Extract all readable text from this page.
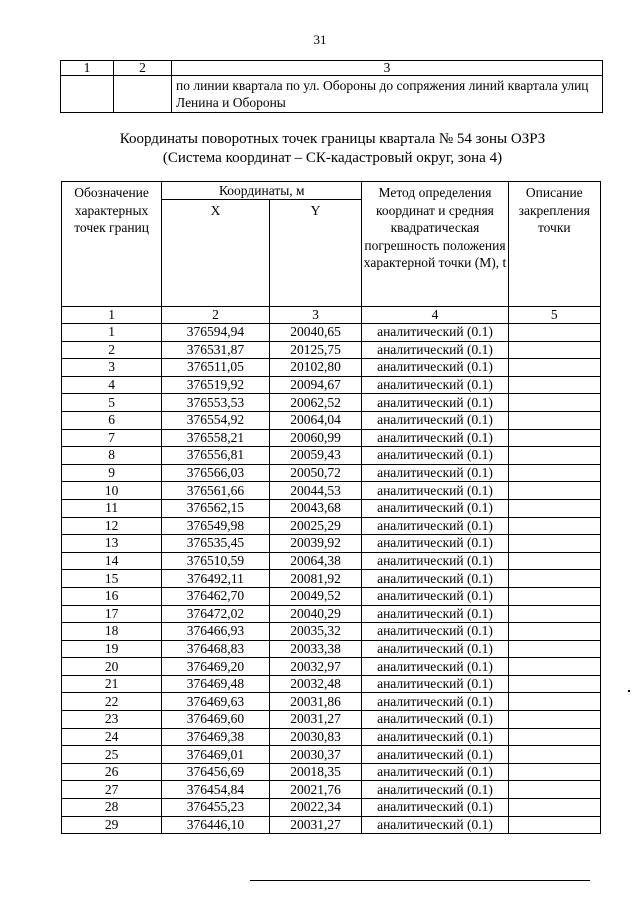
31
1	2	3
		по линии квартала по ул. Обороны до сопряжения линий квартала улиц Ленина и Обороны
Координаты поворотных точек границы квартала № 54 зоны ОЗРЗ
(Система координат – СК-кадастровый округ, зона 4)
Обозначение характерных точек границ	Координаты, м		Метод определения координат и средняя квадратическая погрешность положения характерной точки (М), t	Описание закрепления точки
	X	Y		
1	2	3	4	5
1	376594,94	20040,65	аналитический (0.1)	
2	376531,87	20125,75	аналитический (0.1)	
3	376511,05	20102,80	аналитический (0.1)	
4	376519,92	20094,67	аналитический (0.1)	
5	376553,53	20062,52	аналитический (0.1)	
6	376554,92	20064,04	аналитический (0.1)	
7	376558,21	20060,99	аналитический (0.1)	
8	376556,81	20059,43	аналитический (0.1)	
9	376566,03	20050,72	аналитический (0.1)	
10	376561,66	20044,53	аналитический (0.1)	
11	376562,15	20043,68	аналитический (0.1)	
12	376549,98	20025,29	аналитический (0.1)	
13	376535,45	20039,92	аналитический (0.1)	
14	376510,59	20064,38	аналитический (0.1)	
15	376492,11	20081,92	аналитический (0.1)	
16	376462,70	20049,52	аналитический (0.1)	
17	376472,02	20040,29	аналитический (0.1)	
18	376466,93	20035,32	аналитический (0.1)	
19	376468,83	20033,38	аналитический (0.1)	
20	376469,20	20032,97	аналитический (0.1)	
21	376469,48	20032,48	аналитический (0.1)	
22	376469,63	20031,86	аналитический (0.1)	
23	376469,60	20031,27	аналитический (0.1)	
24	376469,38	20030,83	аналитический (0.1)	
25	376469,01	20030,37	аналитический (0.1)	
26	376456,69	20018,35	аналитический (0.1)	
27	376454,84	20021,76	аналитический (0.1)	
28	376455,23	20022,34	аналитический (0.1)	
29	376446,10	20031,27	аналитический (0.1)	
